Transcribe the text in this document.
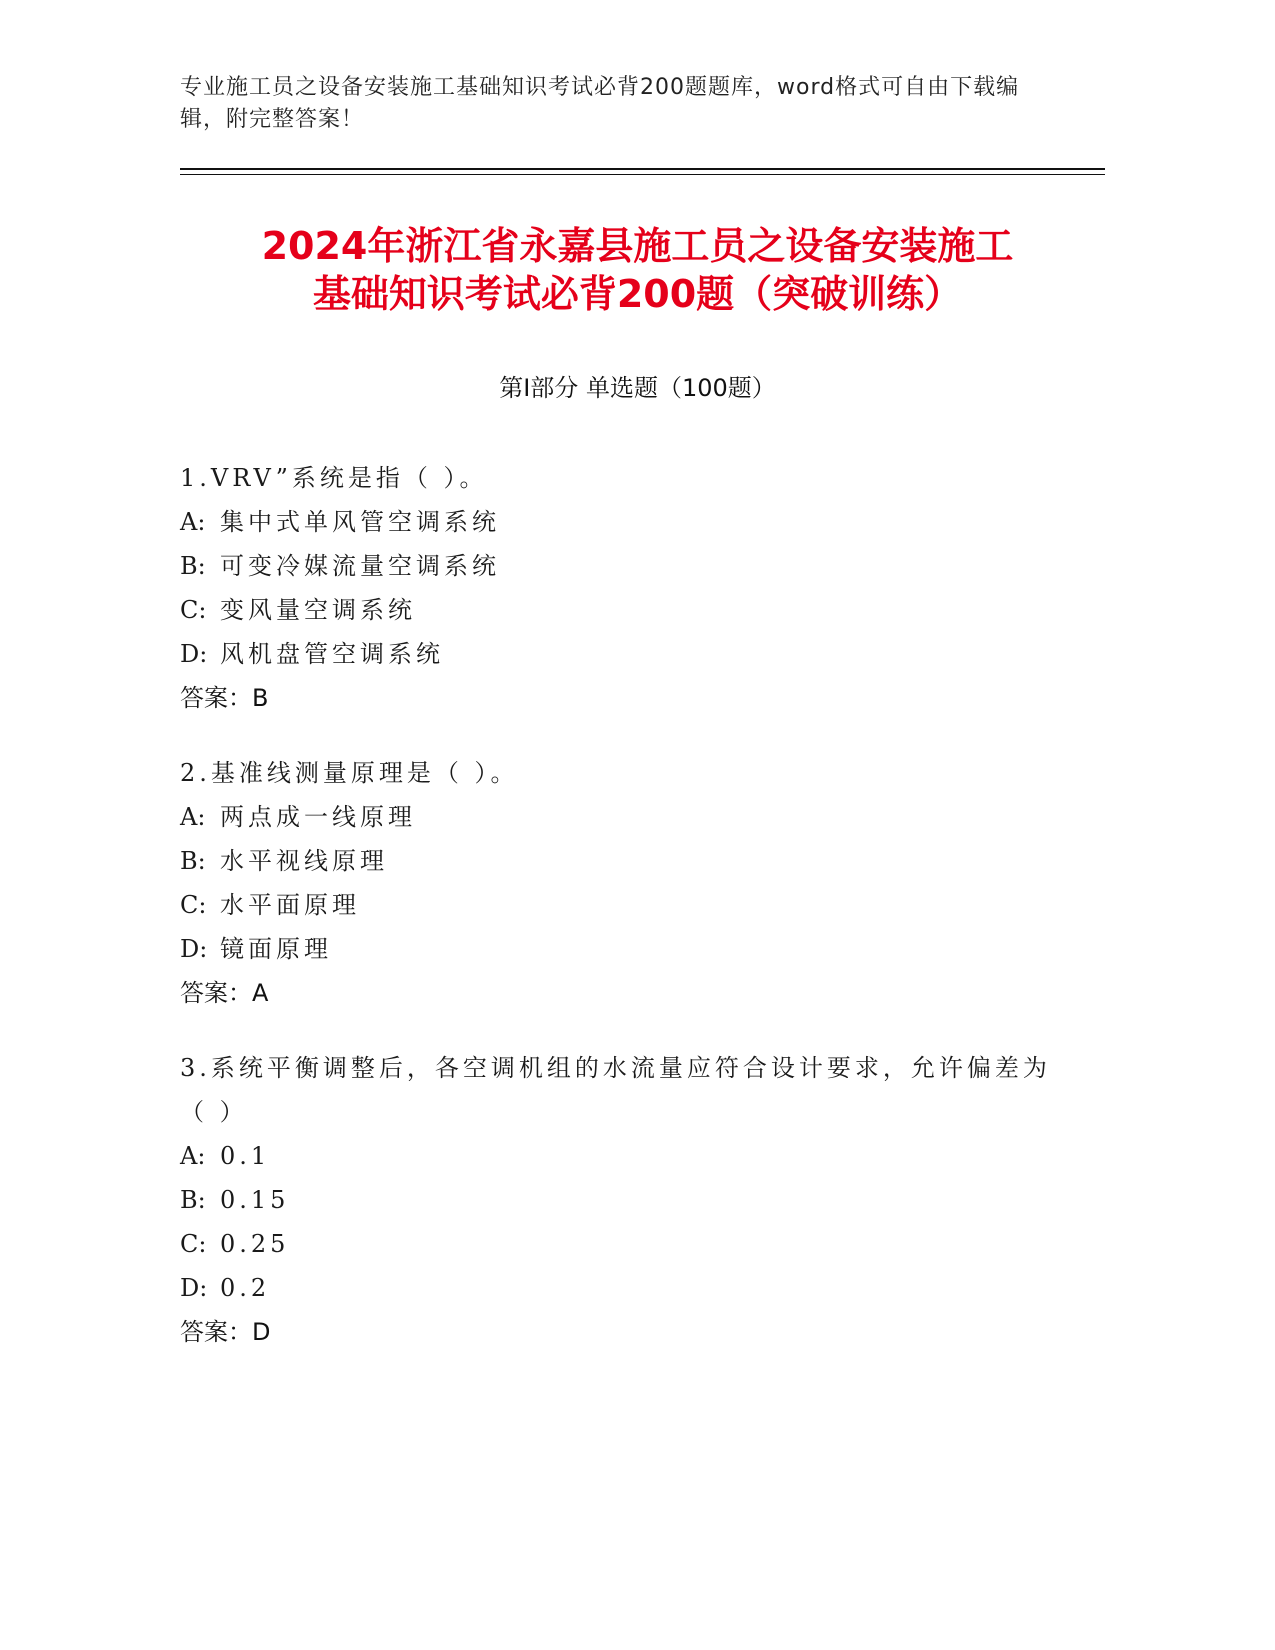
专业施工员之设备安装施工基础知识考试必背200题题库，word格式可自由下载编辑，附完整答案！
2024年浙江省永嘉县施工员之设备安装施工
基础知识考试必背200题（突破训练）
第Ⅰ部分 单选题（100题）
1.VRV”系统是指（ ）。
A: 集中式单风管空调系统
B: 可变冷媒流量空调系统
C: 变风量空调系统
D: 风机盘管空调系统
答案：B
2.基准线测量原理是（ ）。
A: 两点成一线原理
B: 水平视线原理
C: 水平面原理
D: 镜面原理
答案：A
3.系统平衡调整后，各空调机组的水流量应符合设计要求，允许偏差为（ ）
A: 0.1
B: 0.15
C: 0.25
D: 0.2
答案：D
